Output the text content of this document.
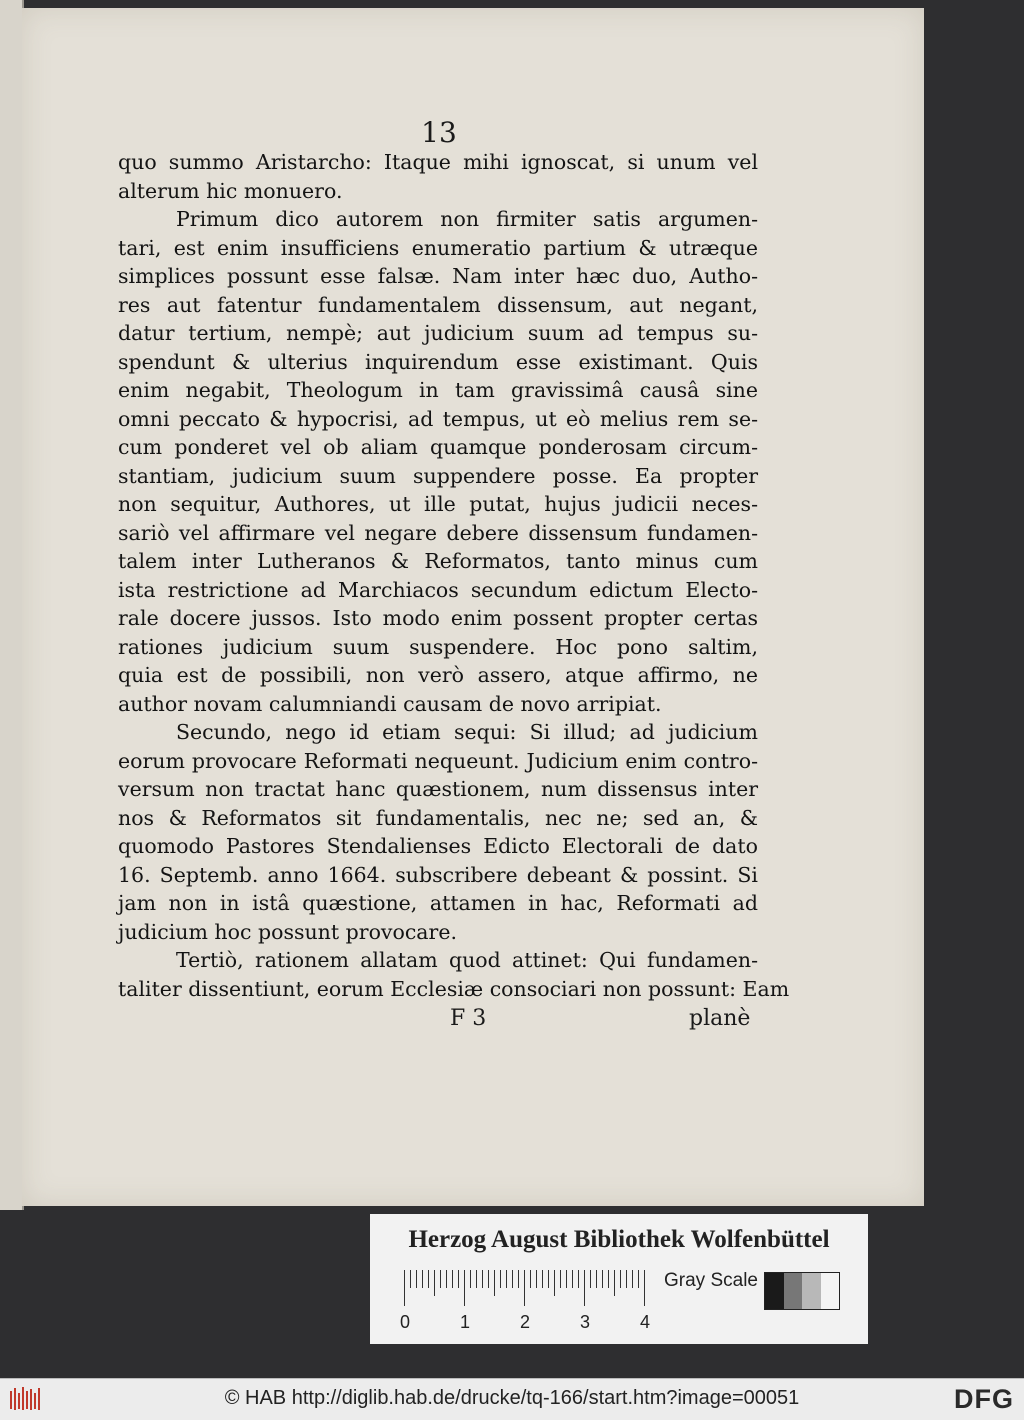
13
quo summo Aristarcho: Itaque mihi ignoscat, si unum vel
alterum hic monuero.
Primum dico autorem non firmiter satis argumen-
tari, est enim insufficiens enumeratio partium & utræque
simplices possunt esse falsæ. Nam inter hæc duo, Autho-
res aut fatentur fundamentalem dissensum, aut negant,
datur tertium, nempè; aut judicium suum ad tempus su-
spendunt & ulterius inquirendum esse existimant. Quis
enim negabit, Theologum in tam gravissimâ causâ sine
omni peccato & hypocrisi, ad tempus, ut eò melius rem se-
cum ponderet vel ob aliam quamque ponderosam circum-
stantiam, judicium suum suppendere posse. Ea propter
non sequitur, Authores, ut ille putat, hujus judicii neces-
sariò vel affirmare vel negare debere dissensum fundamen-
talem inter Lutheranos & Reformatos, tanto minus cum
ista restrictione ad Marchiacos secundum edictum Electo-
rale docere jussos. Isto modo enim possent propter certas
rationes judicium suum suspendere. Hoc pono saltim,
quia est de possibili, non verò assero, atque affirmo, ne
author novam calumniandi causam de novo arripiat.
Secundo, nego id etiam sequi: Si illud; ad judicium
eorum provocare Reformati nequeunt. Judicium enim contro-
versum non tractat hanc quæstionem, num dissensus inter
nos & Reformatos sit fundamentalis, nec ne; sed an, &
quomodo Pastores Stendalienses Edicto Electorali de dato
16. Septemb. anno 1664. subscribere debeant & possint. Si
jam non in istâ quæstione, attamen in hac, Reformati ad
judicium hoc possunt provocare.
Tertiò, rationem allatam quod attinet: Qui fundamen-
taliter dissentiunt, eorum Ecclesiæ consociari non possunt: Eam
F 3	planè
Herzog August Bibliothek Wolfenbüttel
0	1	2	3	4
Gray Scale
© HAB http://diglib.hab.de/drucke/tq-166/start.htm?image=00051	DFG
